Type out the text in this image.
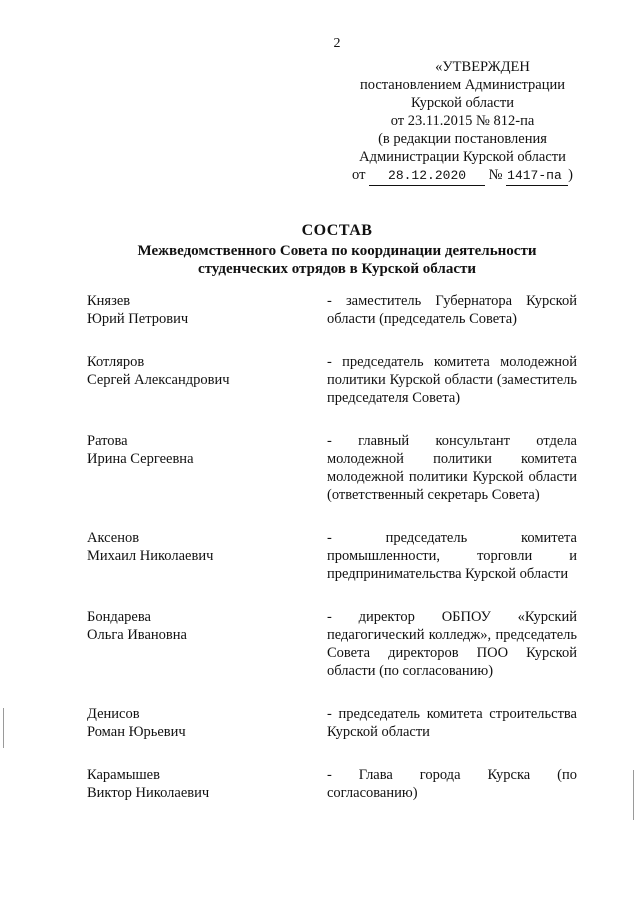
2
«УТВЕРЖДЕН
постановлением Администрации
Курской области
от 23.11.2015 № 812-па
(в редакции постановления
Администрации Курской области
от 28.12.2020 № 1417-па )
СОСТАВ
Межведомственного Совета по координации деятельности
студенческих отрядов в Курской области
Князев
Юрий Петрович
- заместитель Губернатора Курской области (председатель Совета)
Котляров
Сергей Александрович
- председатель комитета молодежной политики Курской области (заместитель председателя Совета)
Ратова
Ирина Сергеевна
- главный консультант отдела молодежной политики комитета молодежной политики Курской области (ответственный секретарь Совета)
Аксенов
Михаил Николаевич
- председатель комитета промышленности, торговли и предпринимательства Курской области
Бондарева
Ольга Ивановна
- директор ОБПОУ «Курский педагогический колледж», председатель Совета директоров ПОО Курской области (по согласованию)
Денисов
Роман Юрьевич
- председатель комитета строительства Курской области
Карамышев
Виктор Николаевич
- Глава города Курска (по согласованию)
